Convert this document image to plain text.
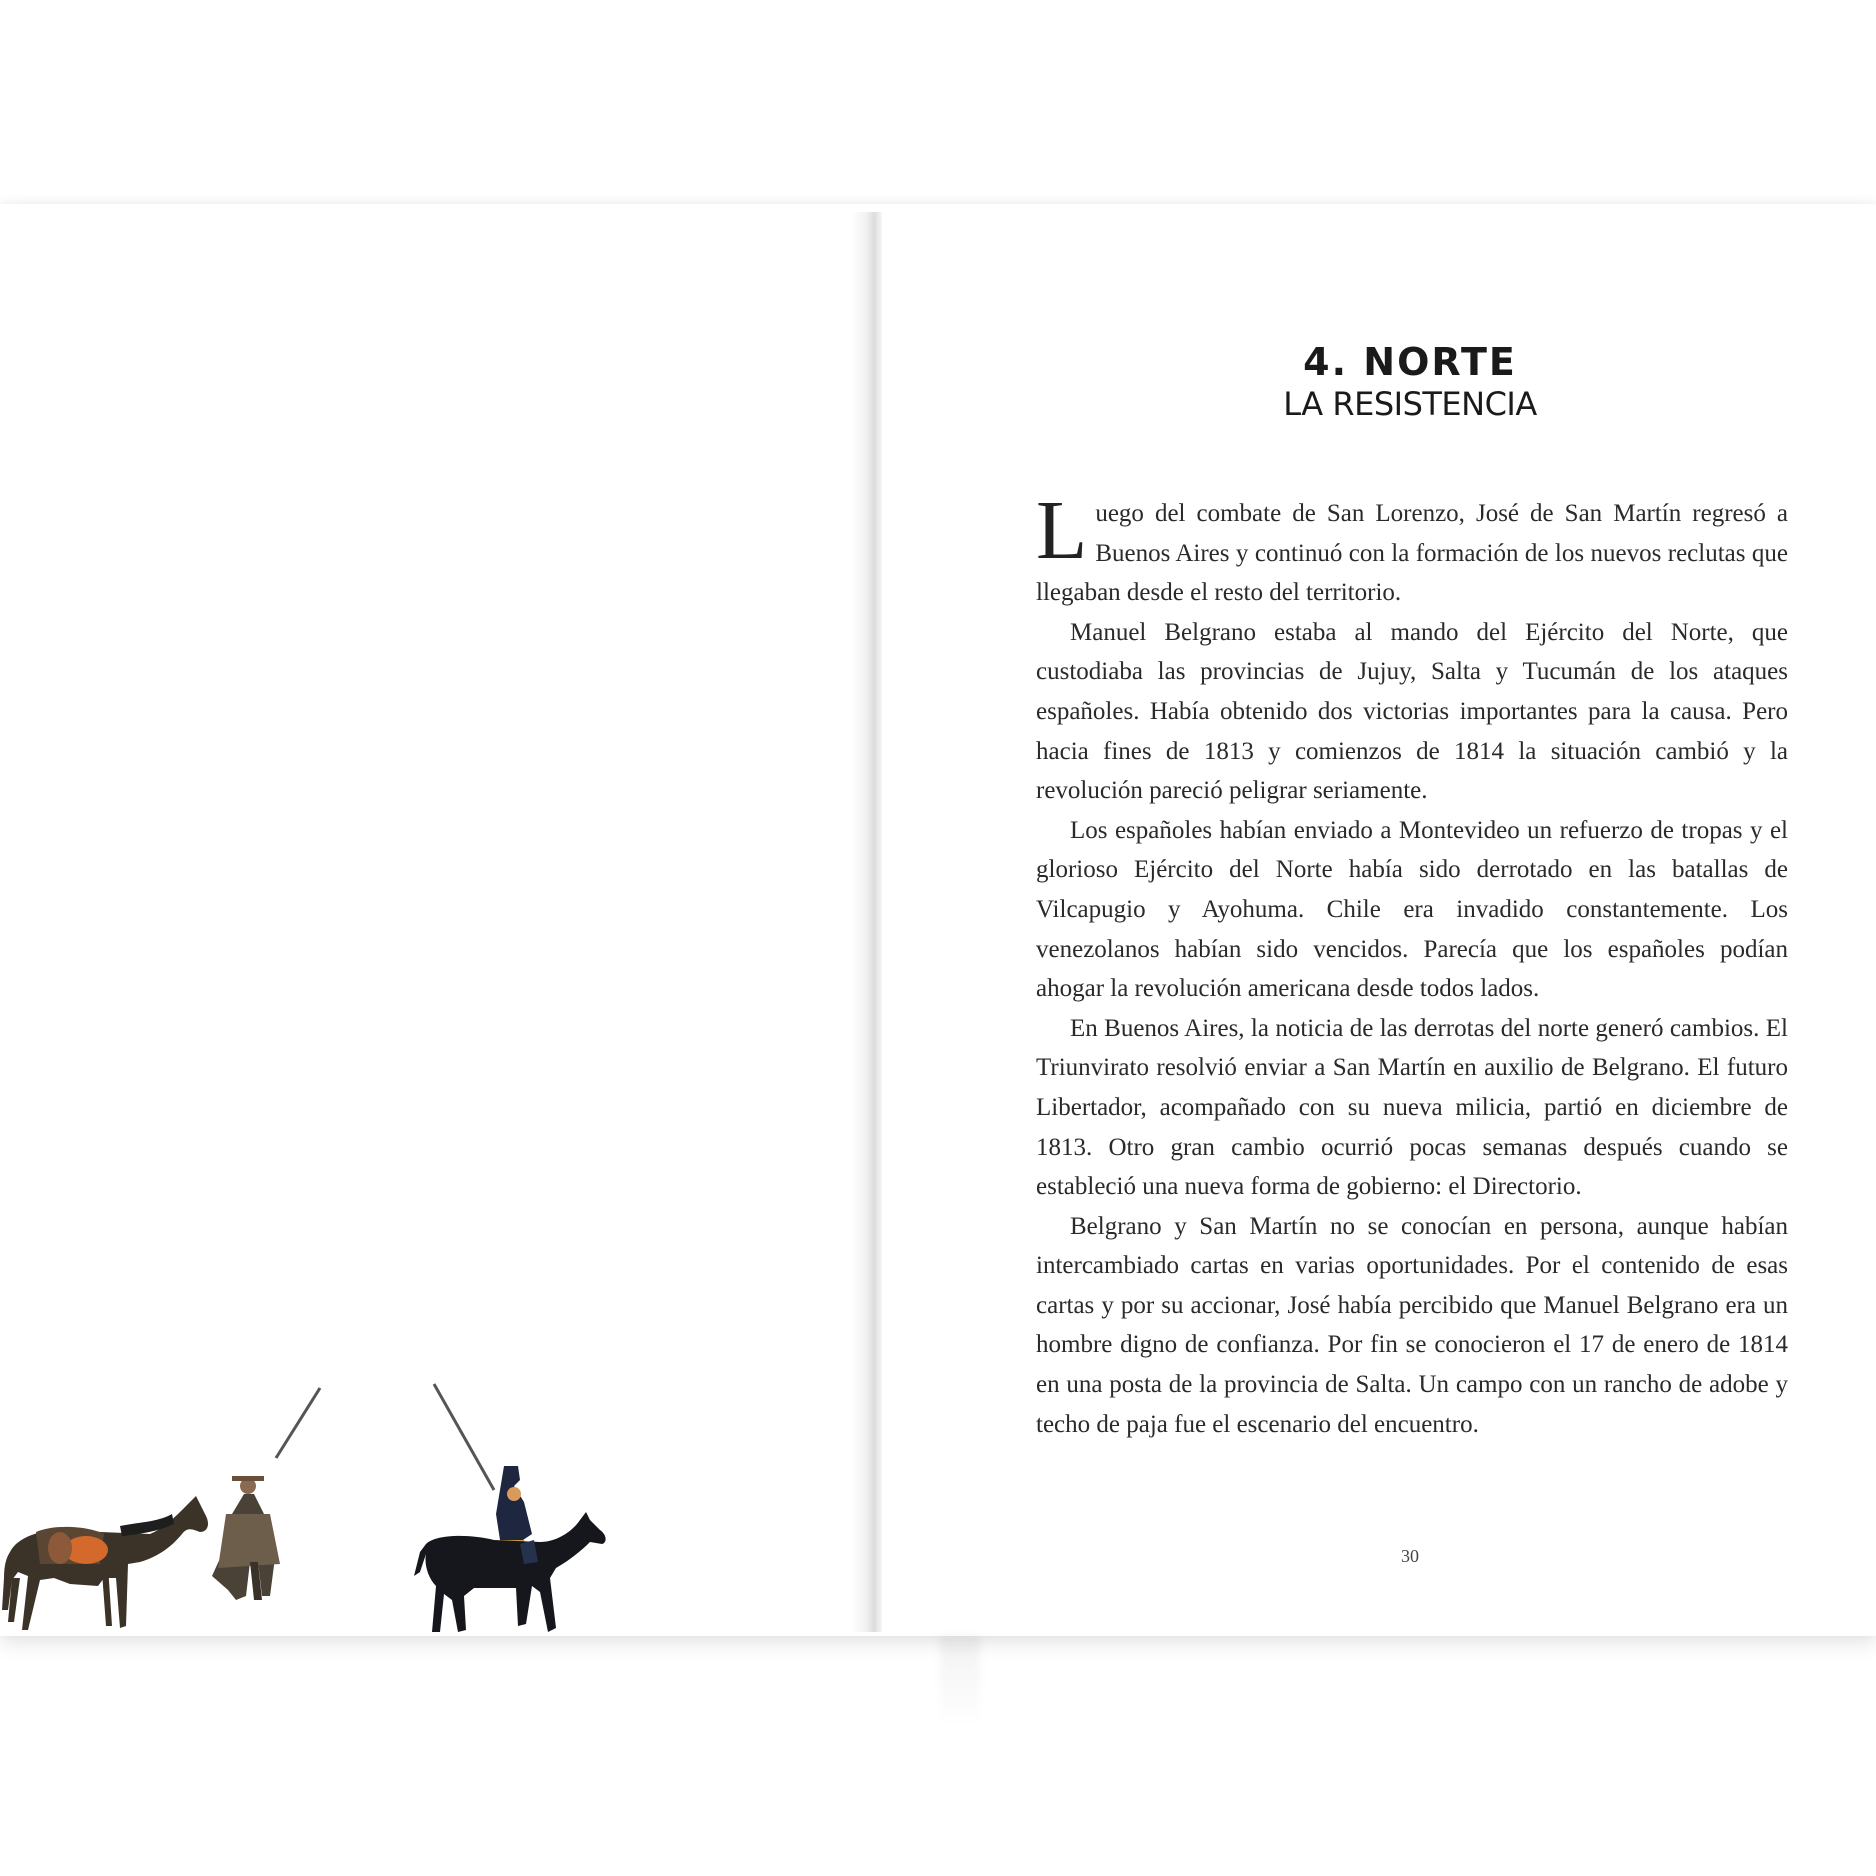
4. NORTE
LA RESISTENCIA

Luego del combate de San Lorenzo, José de San Martín regresó a Buenos Aires y continuó con la formación de los nuevos reclutas que llegaban desde el resto del territorio.

Manuel Belgrano estaba al mando del Ejército del Norte, que custodiaba las provincias de Jujuy, Salta y Tucumán de los ataques españoles. Había obtenido dos victorias importantes para la causa. Pero hacia fines de 1813 y comienzos de 1814 la situación cambió y la revolución pareció peligrar seriamente.

Los españoles habían enviado a Montevideo un refuerzo de tropas y el glorioso Ejército del Norte había sido derrotado en las batallas de Vilcapugio y Ayohuma. Chile era invadido constantemente. Los venezolanos habían sido vencidos. Parecía que los españoles podían ahogar la revolución americana desde todos lados.

En Buenos Aires, la noticia de las derrotas del norte generó cambios. El Triunvirato resolvió enviar a San Martín en auxilio de Belgrano. El futuro Libertador, acompañado con su nueva milicia, partió en diciembre de 1813. Otro gran cambio ocurrió pocas semanas después cuando se estableció una nueva forma de gobierno: el Directorio.

Belgrano y San Martín no se conocían en persona, aunque habían intercambiado cartas en varias oportunidades. Por el contenido de esas cartas y por su accionar, José había percibido que Manuel Belgrano era un hombre digno de confianza. Por fin se conocieron el 17 de enero de 1814 en una posta de la provincia de Salta. Un campo con un rancho de adobe y techo de paja fue el escenario del encuentro.

30
